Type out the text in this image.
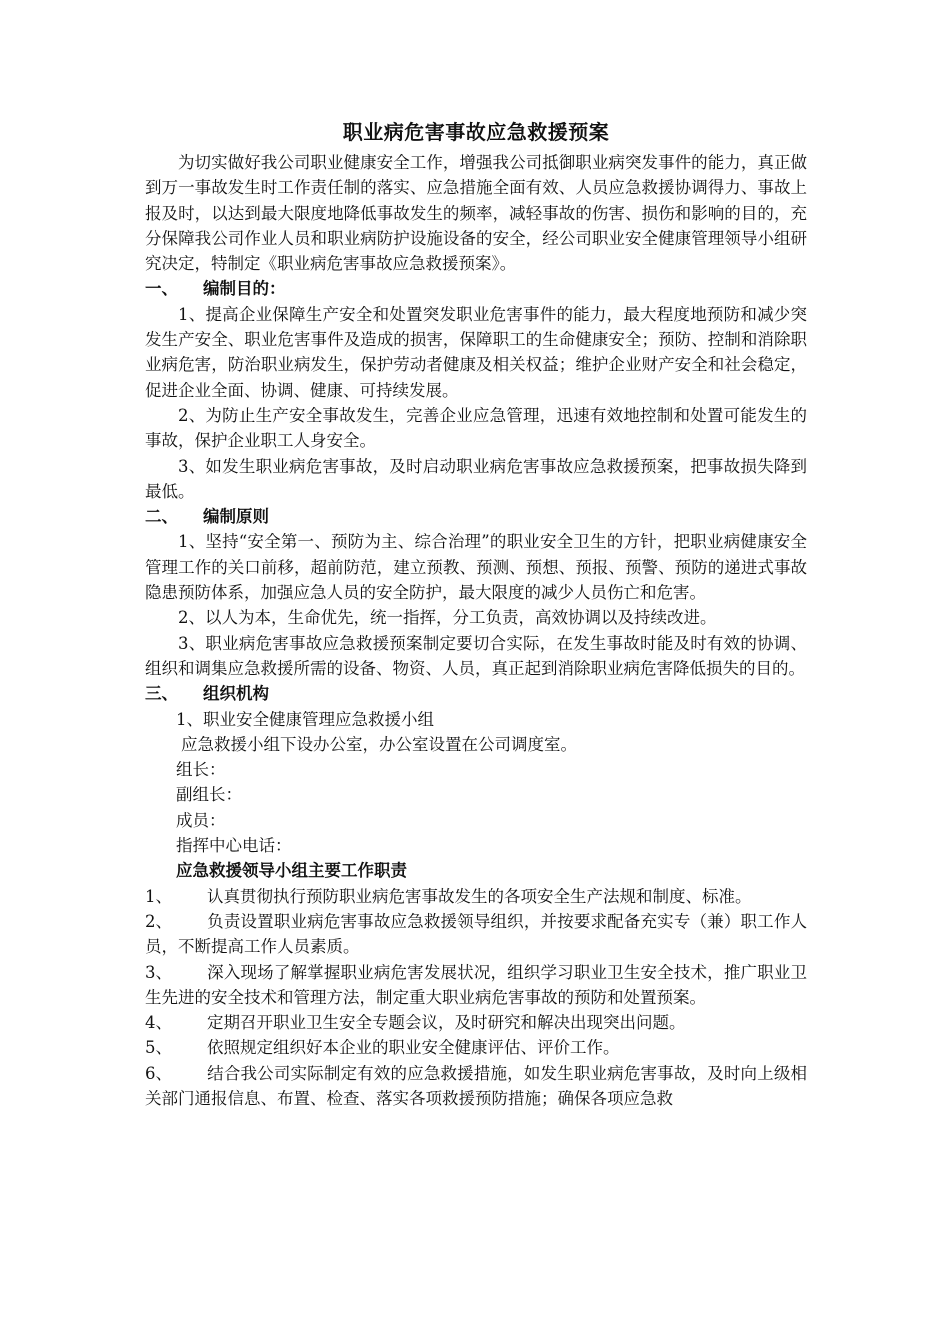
职业病危害事故应急救援预案

为切实做好我公司职业健康安全工作，增强我公司抵御职业病突发事件的能力，真正做到万一事故发生时工作责任制的落实、应急措施全面有效、人员应急救援协调得力、事故上报及时，以达到最大限度地降低事故发生的频率，减轻事故的伤害、损伤和影响的目的，充分保障我公司作业人员和职业病防护设施设备的安全，经公司职业安全健康管理领导小组研究决定，特制定《职业病危害事故应急救援预案》。

一、	编制目的：

1、提高企业保障生产安全和处置突发职业危害事件的能力，最大程度地预防和减少突发生产安全、职业危害事件及造成的损害，保障职工的生命健康安全；预防、控制和消除职业病危害，防治职业病发生，保护劳动者健康及相关权益；维护企业财产安全和社会稳定，促进企业全面、协调、健康、可持续发展。

2、为防止生产安全事故发生，完善企业应急管理，迅速有效地控制和处置可能发生的事故，保护企业职工人身安全。

3、如发生职业病危害事故，及时启动职业病危害事故应急救援预案，把事故损失降到最低。

二、	编制原则

1、坚持“安全第一、预防为主、综合治理”的职业安全卫生的方针，把职业病健康安全管理工作的关口前移，超前防范，建立预教、预测、预想、预报、预警、预防的递进式事故隐患预防体系，加强应急人员的安全防护，最大限度的减少人员伤亡和危害。

2、以人为本，生命优先，统一指挥，分工负责，高效协调以及持续改进。

3、职业病危害事故应急救援预案制定要切合实际，在发生事故时能及时有效的协调、组织和调集应急救援所需的设备、物资、人员，真正起到消除职业病危害降低损失的目的。

三、	组织机构

1、职业安全健康管理应急救援小组

应急救援小组下设办公室，办公室设置在公司调度室。

组长：

副组长：

成员：

指挥中心电话：

应急救援领导小组主要工作职责

1、 认真贯彻执行预防职业病危害事故发生的各项安全生产法规和制度、标准。

2、 负责设置职业病危害事故应急救援领导组织，并按要求配备充实专（兼）职工作人员，不断提高工作人员素质。

3、 深入现场了解掌握职业病危害发展状况，组织学习职业卫生安全技术，推广职业卫生先进的安全技术和管理方法，制定重大职业病危害事故的预防和处置预案。

4、 定期召开职业卫生安全专题会议，及时研究和解决出现突出问题。

5、 依照规定组织好本企业的职业安全健康评估、评价工作。

6、 结合我公司实际制定有效的应急救援措施，如发生职业病危害事故，及时向上级相关部门通报信息、布置、检查、落实各项救援预防措施；确保各项应急救
